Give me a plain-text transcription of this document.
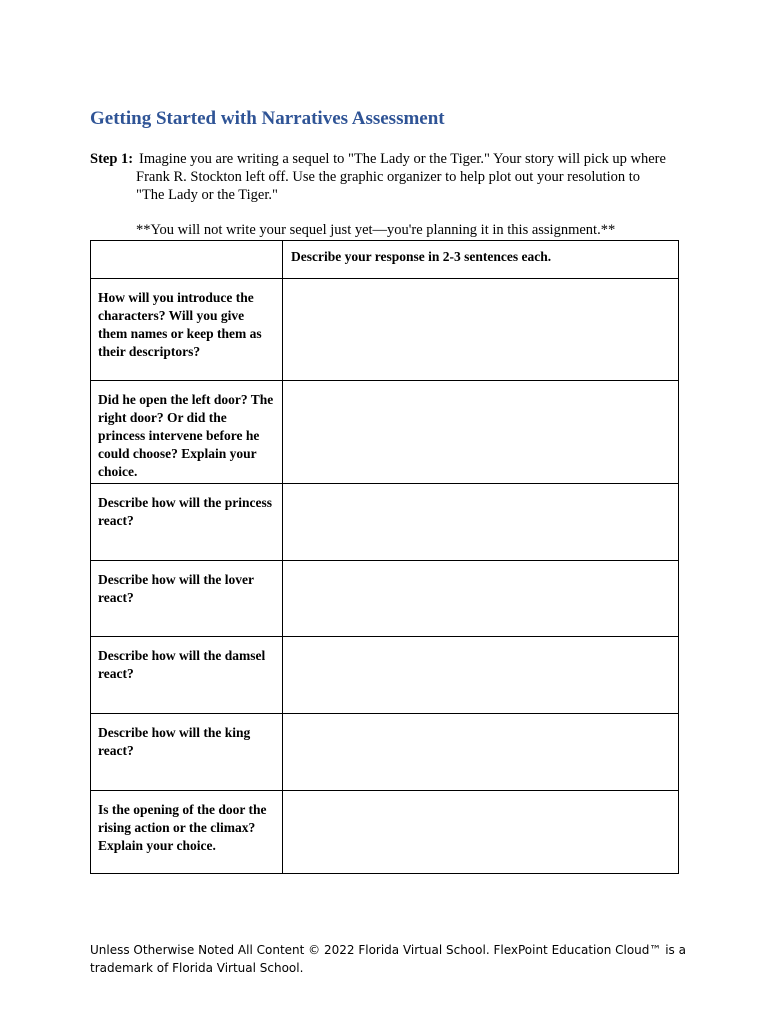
Getting Started with Narratives Assessment
Step 1: Imagine you are writing a sequel to "The Lady or the Tiger." Your story will pick up where Frank R. Stockton left off. Use the graphic organizer to help plot out your resolution to "The Lady or the Tiger."
**You will not write your sequel just yet—you're planning it in this assignment.**
	Describe your response in 2-3 sentences each.
How will you introduce the characters? Will you give them names or keep them as their descriptors?	
Did he open the left door? The right door? Or did the princess intervene before he could choose? Explain your choice.	
Describe how will the princess react?	
Describe how will the lover react?	
Describe how will the damsel react?	
Describe how will the king react?	
Is the opening of the door the rising action or the climax? Explain your choice.	
Unless Otherwise Noted All Content © 2022 Florida Virtual School. FlexPoint Education Cloud™ is a trademark of Florida Virtual School.
